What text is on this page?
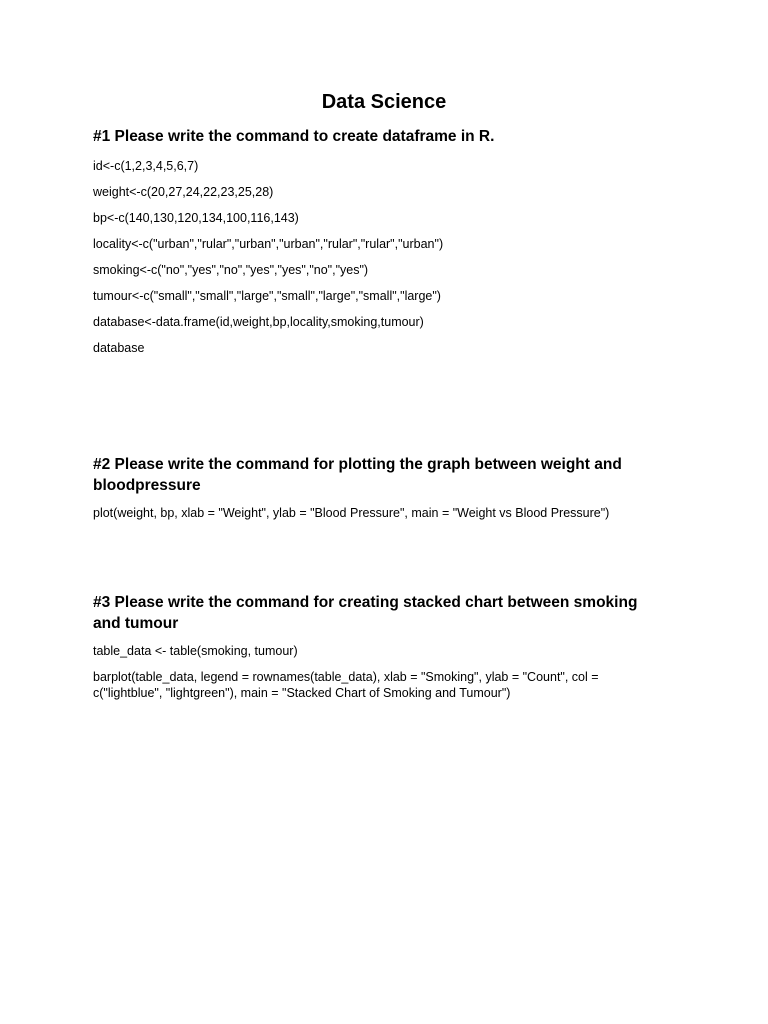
Data Science
#1 Please write the command to create dataframe in R.
id<-c(1,2,3,4,5,6,7)
weight<-c(20,27,24,22,23,25,28)
bp<-c(140,130,120,134,100,116,143)
locality<-c("urban","rular","urban","urban","rular","rular","urban")
smoking<-c("no","yes","no","yes","yes","no","yes")
tumour<-c("small","small","large","small","large","small","large")
database<-data.frame(id,weight,bp,locality,smoking,tumour)
database
#2 Please write the command for plotting the graph between weight and bloodpressure
plot(weight, bp, xlab = "Weight", ylab = "Blood Pressure", main = "Weight vs Blood Pressure")
#3 Please write the command for creating stacked chart between smoking and tumour
table_data <- table(smoking, tumour)
barplot(table_data, legend = rownames(table_data), xlab = "Smoking", ylab = "Count", col = c("lightblue", "lightgreen"), main = "Stacked Chart of Smoking and Tumour")
